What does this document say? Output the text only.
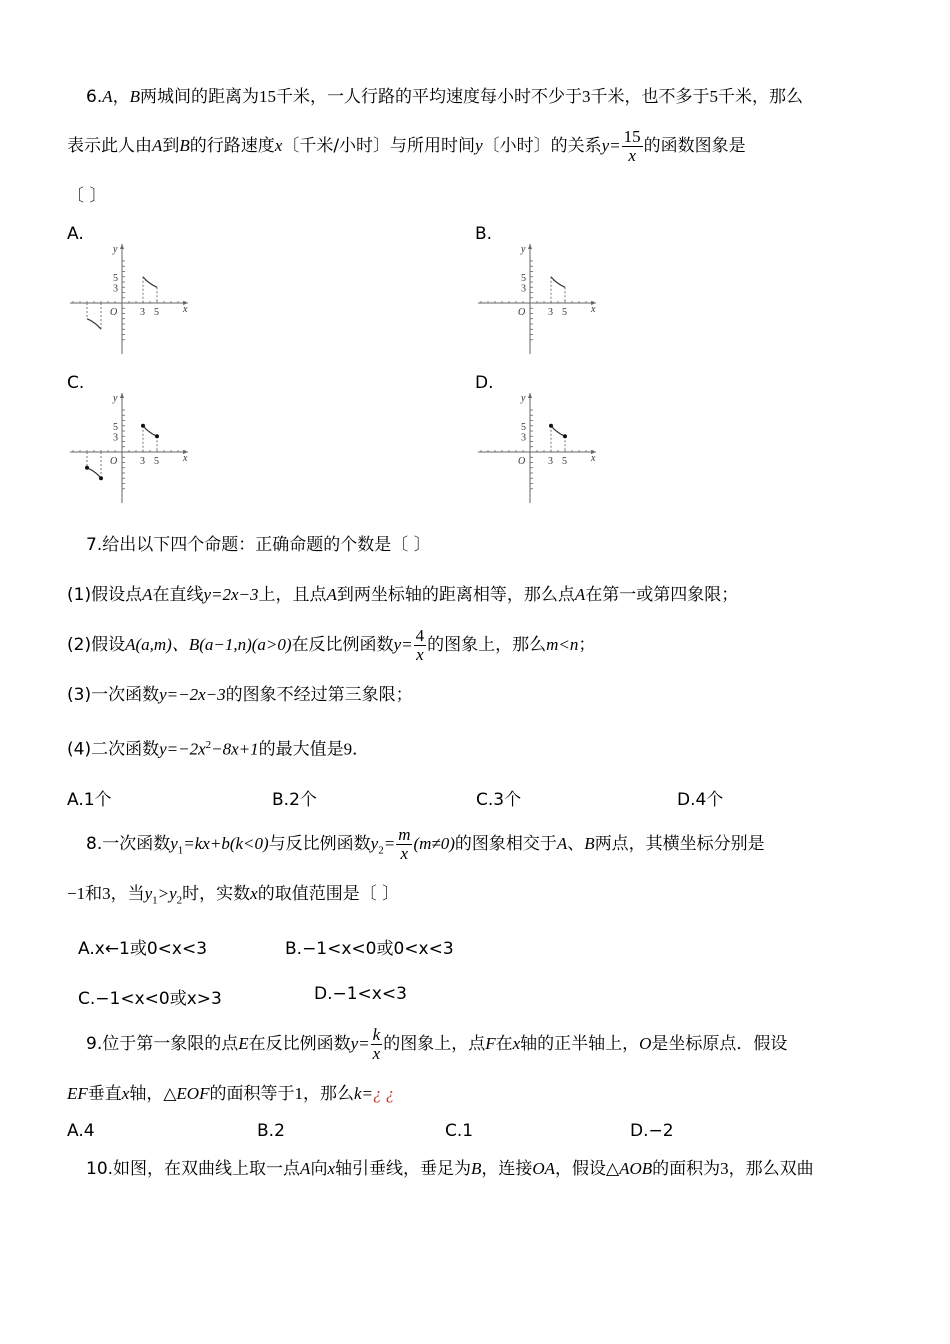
6.A，B两城间的距离为15千米，一人行路的平均速度每小时不少于3千米，也不多于5千米，那么
表示此人由A到B的行路速度x〔千米/小时〕与所用时间y〔小时〕的关系$y= \frac{15}{x}$ 的函数图象是
〔 〕
A.	B.
C.	D.
y
x
O
5
3
3 5
y
x
O
5
3
3 5
y
x
O
5
3
3 5
y
x
O
5
3
3 5
7.给出以下四个命题：正确命题的个数是〔 〕
(1)假设点A在直线y=2x−3上，且点A到两坐标轴的距离相等，那么点A在第一或第四象限；
(2)假设A(a,m)、B(a−1,n)(a>0)在反比例函数$y= \frac{4}{x}$ 的图象上，那么m<n；
(3)一次函数y=−2x−3的图象不经过第三象限；
(4)二次函数$y=-2x^2-8x+1$的最大值是9．
A.1个	B.2个	C.3个	D.4个
8.一次函数$y_1=kx+b(k<0)$与反比例函数$y_2= \frac{m}{x} (m\ne 0)$的图象相交于A、B两点，其横坐标分别是
−1和3，当$y_1>y_2$时，实数x的取值范围是〔 〕
A.x←1或0<x<3	B.−1<x<0或0<x<3
C.−1<x<0或x>3	D.−1<x<3
9.位于第一象限的点E在反比例函数$y= \frac{k}{x}$ 的图象上，点F在x轴的正半轴上，O是坐标原点．假设
EF垂直x轴，△EOF的面积等于1，那么k=¿ ¿
A.4	B.2	C.1	D.−2
10.如图，在双曲线上取一点A向x轴引垂线，垂足为B，连接OA，假设△AOB的面积为3，那么双曲
